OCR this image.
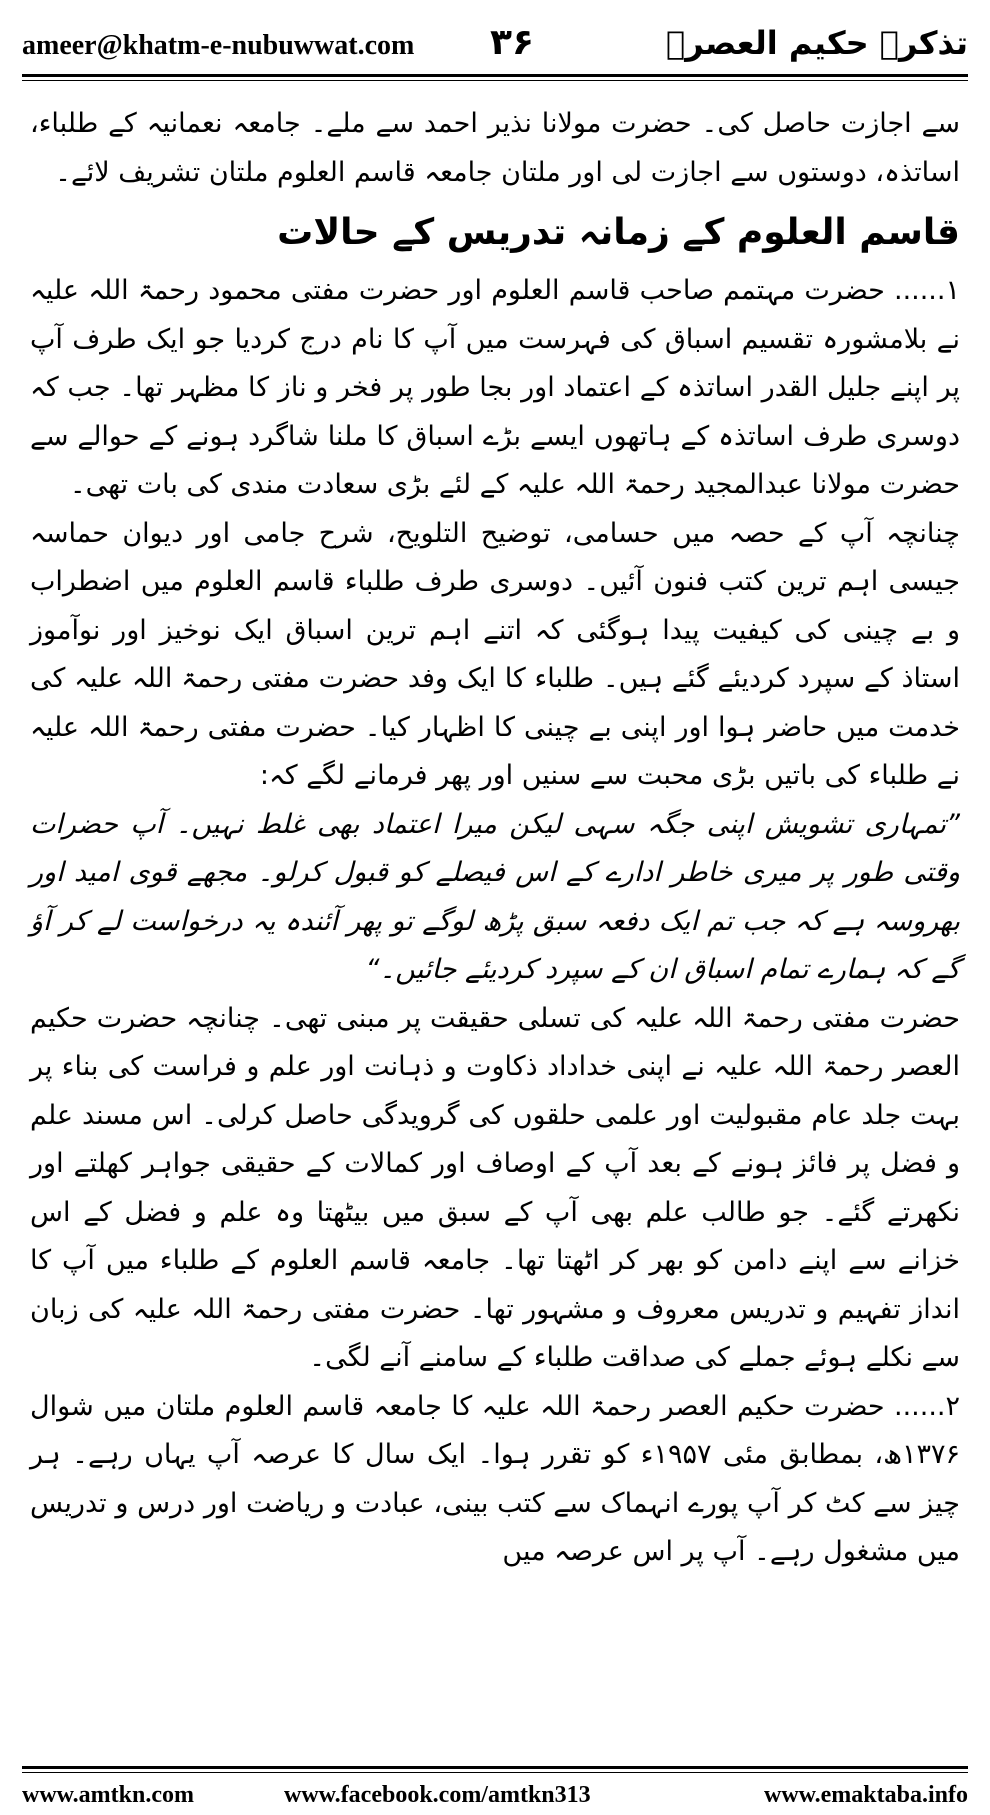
ameer@khatm-e-nubuwwat.com ۳۶	تذکرہ حکیم العصرؒ

سے اجازت حاصل کی۔ حضرت مولانا نذیر احمد سے ملے۔ جامعہ نعمانیہ کے طلباء، اساتذہ، دوستوں سے اجازت لی اور ملتان جامعہ قاسم العلوم ملتان تشریف لائے۔

قاسم العلوم کے زمانہ تدریس کے حالات

۱...... حضرت مہتمم صاحب قاسم العلوم اور حضرت مفتی محمود رحمۃ اللہ علیہ نے بلامشورہ تقسیم اسباق کی فہرست میں آپ کا نام درج کردیا جو ایک طرف آپ پر اپنے جلیل القدر اساتذہ کے اعتماد اور بجا طور پر فخر و ناز کا مظہر تھا۔ جب کہ دوسری طرف اساتذہ کے ہاتھوں ایسے بڑے اسباق کا ملنا شاگرد ہونے کے حوالے سے حضرت مولانا عبدالمجید رحمۃ اللہ علیہ کے لئے بڑی سعادت مندی کی بات تھی۔

چنانچہ آپ کے حصہ میں حسامی، توضیح التلویح، شرح جامی اور دیوان حماسہ جیسی اہم ترین کتب فنون آئیں۔ دوسری طرف طلباء قاسم العلوم میں اضطراب و بے چینی کی کیفیت پیدا ہوگئی کہ اتنے اہم ترین اسباق ایک نوخیز اور نوآموز استاذ کے سپرد کردیئے گئے ہیں۔ طلباء کا ایک وفد حضرت مفتی رحمۃ اللہ علیہ کی خدمت میں حاضر ہوا اور اپنی بے چینی کا اظہار کیا۔ حضرت مفتی رحمۃ اللہ علیہ نے طلباء کی باتیں بڑی محبت سے سنیں اور پھر فرمانے لگے کہ:

”تمہاری تشویش اپنی جگہ سہی لیکن میرا اعتماد بھی غلط نہیں۔ آپ حضرات وقتی طور پر میری خاطر ادارے کے اس فیصلے کو قبول کرلو۔ مجھے قوی امید اور بھروسہ ہے کہ جب تم ایک دفعہ سبق پڑھ لوگے تو پھر آئندہ یہ درخواست لے کر آؤ گے کہ ہمارے تمام اسباق ان کے سپرد کردیئے جائیں۔“

حضرت مفتی رحمۃ اللہ علیہ کی تسلی حقیقت پر مبنی تھی۔ چنانچہ حضرت حکیم العصر رحمۃ اللہ علیہ نے اپنی خداداد ذکاوت و ذہانت اور علم و فراست کی بناء پر بہت جلد عام مقبولیت اور علمی حلقوں کی گرویدگی حاصل کرلی۔ اس مسند علم و فضل پر فائز ہونے کے بعد آپ کے اوصاف اور کمالات کے حقیقی جواہر کھلتے اور نکھرتے گئے۔ جو طالب علم بھی آپ کے سبق میں بیٹھتا وہ علم و فضل کے اس خزانے سے اپنے دامن کو بھر کر اٹھتا تھا۔ جامعہ قاسم العلوم کے طلباء میں آپ کا انداز تفہیم و تدریس معروف و مشہور تھا۔ حضرت مفتی رحمۃ اللہ علیہ کی زبان سے نکلے ہوئے جملے کی صداقت طلباء کے سامنے آنے لگی۔

۲...... حضرت حکیم العصر رحمۃ اللہ علیہ کا جامعہ قاسم العلوم ملتان میں شوال ۱۳۷۶ھ، بمطابق مئی ۱۹۵۷ء کو تقرر ہوا۔ ایک سال کا عرصہ آپ یہاں رہے۔ ہر چیز سے کٹ کر آپ پورے انہماک سے کتب بینی، عبادت و ریاضت اور درس و تدریس میں مشغول رہے۔ آپ پر اس عرصہ میں

www.amtkn.com	www.facebook.com/amtkn313	www.emaktaba.info
